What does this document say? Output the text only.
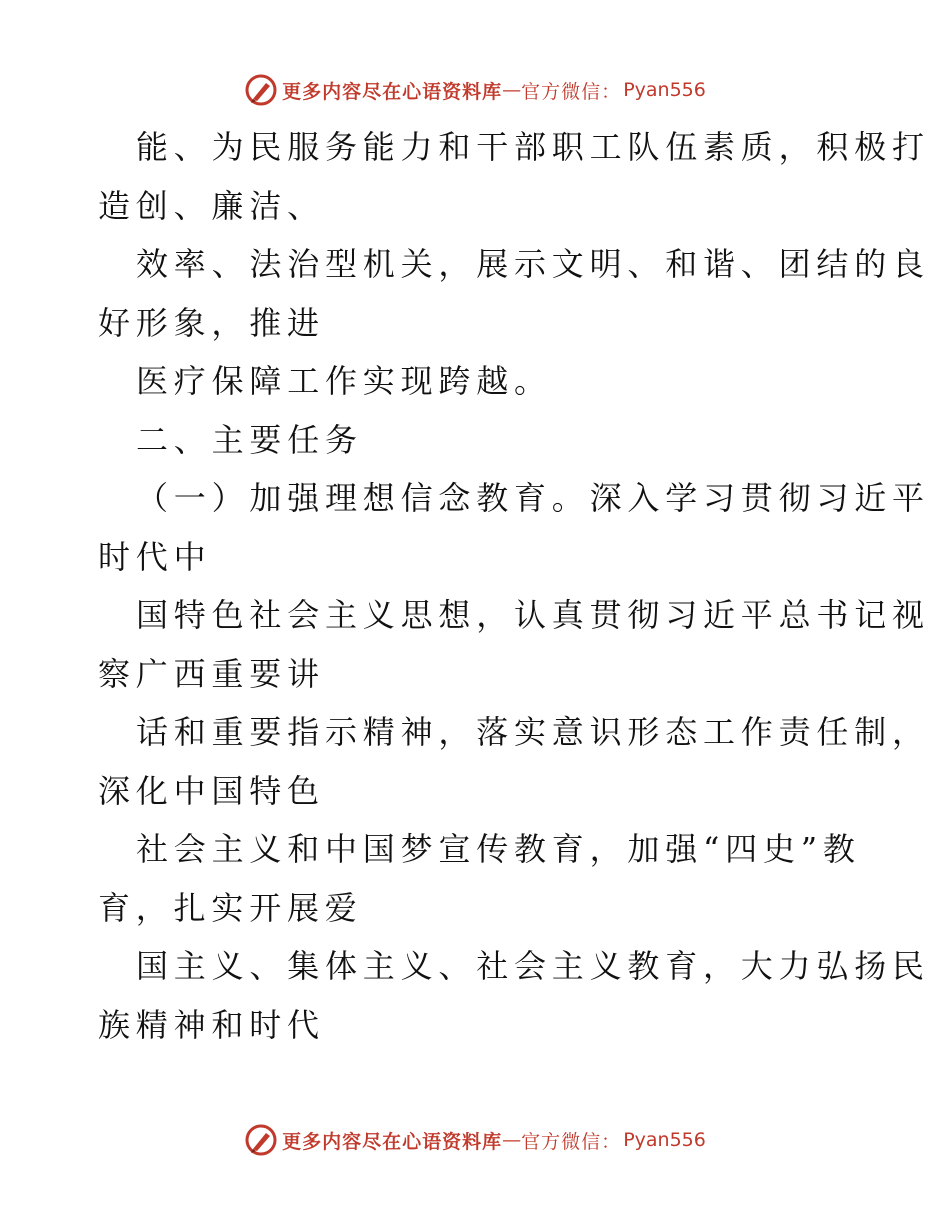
更多内容尽在心语资料库 — 官方微信： Pyan556
能、为民服务能力和干部职工队伍素质，积极打
造创、廉洁、
效率、法治型机关，展示文明、和谐、团结的良
好形象，推进
医疗保障工作实现跨越。
二、主要任务
（一）加强理想信念教育。深入学习贯彻习近平
时代中
国特色社会主义思想，认真贯彻习近平总书记视
察广西重要讲
话和重要指示精神，落实意识形态工作责任制，
深化中国特色
社会主义和中国梦宣传教育，加强“四史”教
育，扎实开展爱
国主义、集体主义、社会主义教育，大力弘扬民
族精神和时代
更多内容尽在心语资料库 — 官方微信： Pyan556
